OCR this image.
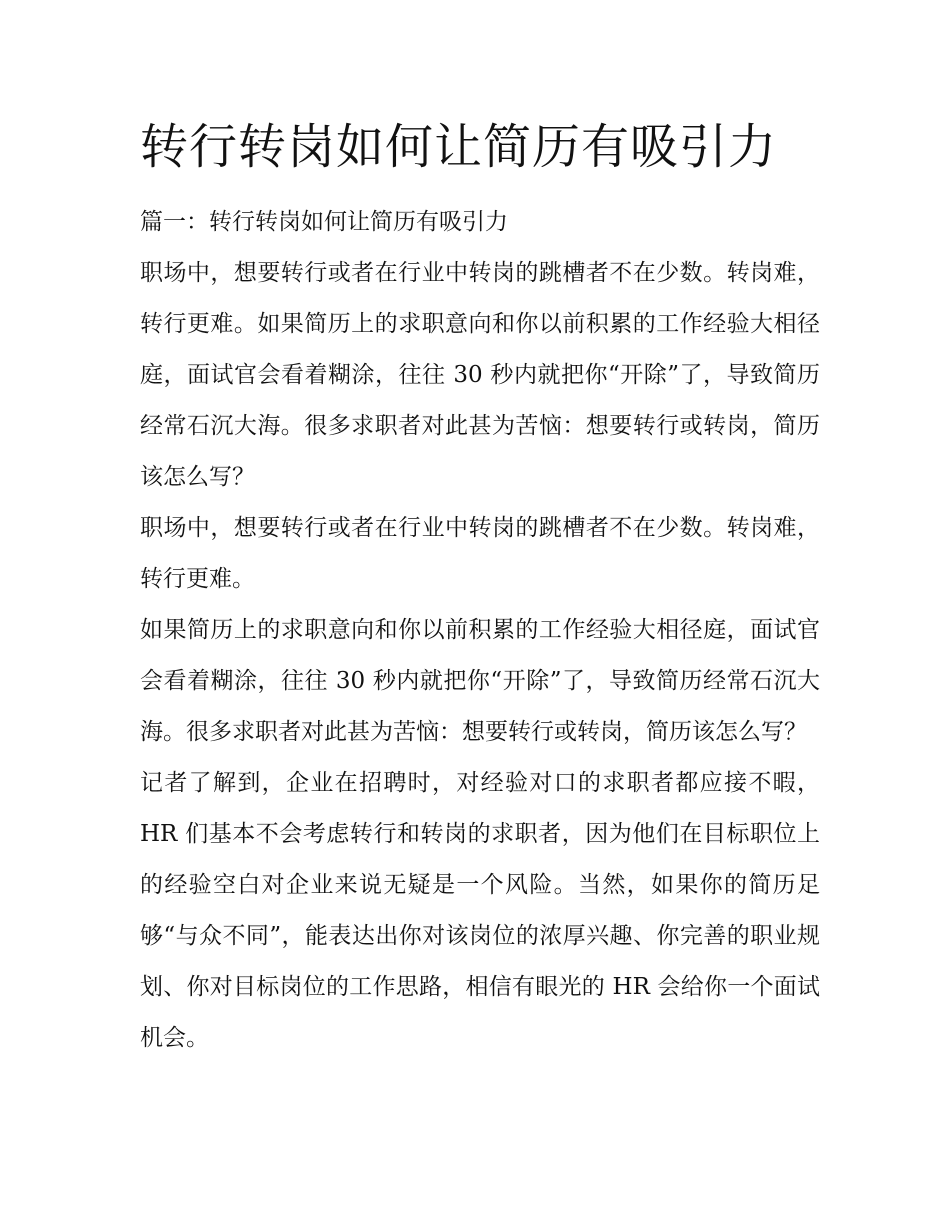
转行转岗如何让简历有吸引力

篇一：转行转岗如何让简历有吸引力

职场中，想要转行或者在行业中转岗的跳槽者不在少数。转岗难，转行更难。如果简历上的求职意向和你以前积累的工作经验大相径庭，面试官会看着糊涂，往往 30 秒内就把你“开除”了，导致简历经常石沉大海。很多求职者对此甚为苦恼：想要转行或转岗，简历该怎么写？

职场中，想要转行或者在行业中转岗的跳槽者不在少数。转岗难，转行更难。

如果简历上的求职意向和你以前积累的工作经验大相径庭，面试官会看着糊涂，往往 30 秒内就把你“开除”了，导致简历经常石沉大海。很多求职者对此甚为苦恼：想要转行或转岗，简历该怎么写？

记者了解到，企业在招聘时，对经验对口的求职者都应接不暇，HR 们基本不会考虑转行和转岗的求职者，因为他们在目标职位上的经验空白对企业来说无疑是一个风险。当然，如果你的简历足够“与众不同”，能表达出你对该岗位的浓厚兴趣、你完善的职业规划、你对目标岗位的工作思路，相信有眼光的 HR 会给你一个面试机会。
